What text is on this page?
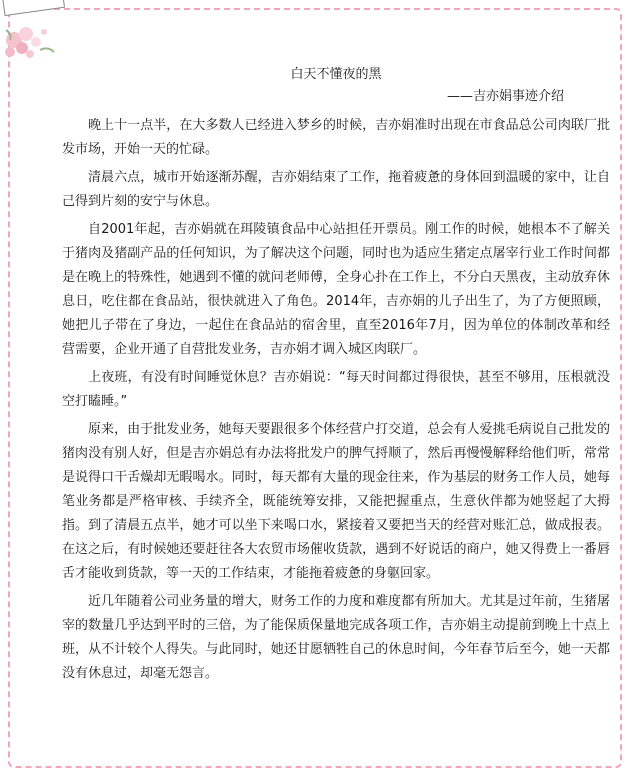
白天不懂夜的黑
——吉亦娟事迹介绍

晚上十一点半，在大多数人已经进入梦乡的时候，吉亦娟准时出现在市食品总公司肉联厂批发市场，开始一天的忙碌。

清晨六点，城市开始逐渐苏醒，吉亦娟结束了工作，拖着疲惫的身体回到温暖的家中，让自己得到片刻的安宁与休息。

自2001年起，吉亦娟就在珥陵镇食品中心站担任开票员。刚工作的时候，她根本不了解关于猪肉及猪副产品的任何知识，为了解决这个问题，同时也为适应生猪定点屠宰行业工作时间都是在晚上的特殊性，她遇到不懂的就问老师傅，全身心扑在工作上，不分白天黑夜，主动放弃休息日，吃住都在食品站，很快就进入了角色。2014年，吉亦娟的儿子出生了，为了方便照顾，她把儿子带在了身边，一起住在食品站的宿舍里，直至2016年7月，因为单位的体制改革和经营需要，企业开通了自营批发业务，吉亦娟才调入城区肉联厂。

上夜班，有没有时间睡觉休息？吉亦娟说：“每天时间都过得很快，甚至不够用，压根就没空打瞌睡。”

原来，由于批发业务，她每天要跟很多个体经营户打交道，总会有人爱挑毛病说自己批发的猪肉没有别人好，但是吉亦娟总有办法将批发户的脾气捋顺了，然后再慢慢解释给他们听，常常是说得口干舌燥却无暇喝水。同时，每天都有大量的现金往来，作为基层的财务工作人员，她每笔业务都是严格审核、手续齐全，既能统筹安排，又能把握重点，生意伙伴都为她竖起了大拇指。到了清晨五点半，她才可以坐下来喝口水，紧接着又要把当天的经营对账汇总，做成报表。在这之后，有时候她还要赶往各大农贸市场催收货款，遇到不好说话的商户，她又得费上一番唇舌才能收到货款，等一天的工作结束，才能拖着疲惫的身躯回家。

近几年随着公司业务量的增大，财务工作的力度和难度都有所加大。尤其是过年前，生猪屠宰的数量几乎达到平时的三倍，为了能保质保量地完成各项工作，吉亦娟主动提前到晚上十点上班，从不计较个人得失。与此同时，她还甘愿牺牲自己的休息时间，今年春节后至今，她一天都没有休息过，却毫无怨言。
